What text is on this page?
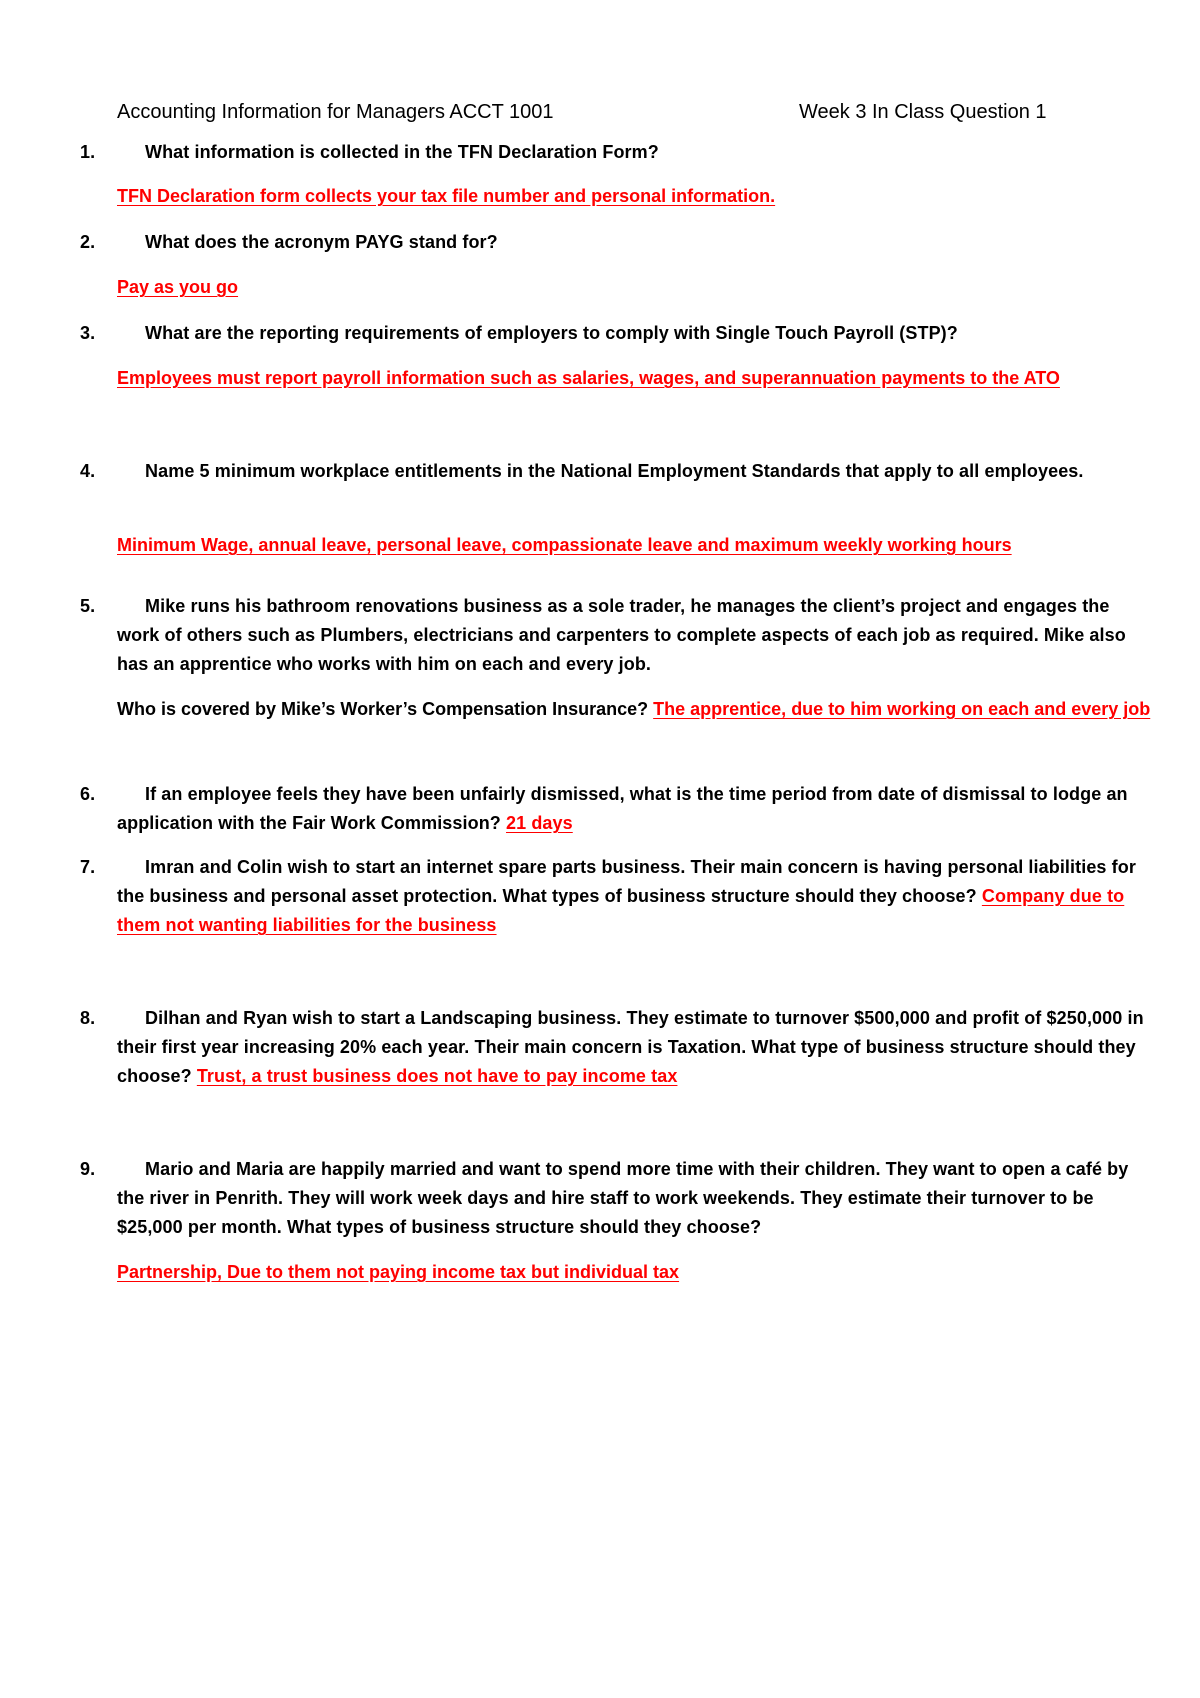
Accounting Information for Managers ACCT 1001	Week 3 In Class Question 1
1.	What information is collected in the TFN Declaration Form?
TFN Declaration form collects your tax file number and personal information.
2.	What does the acronym PAYG stand for?
Pay as you go
3.	What are the reporting requirements of employers to comply with Single Touch Payroll (STP)?
Employees must report payroll information such as salaries, wages, and superannuation payments to the ATO
4.	Name 5 minimum workplace entitlements in the National Employment Standards that apply to all employees.
Minimum Wage, annual leave, personal leave, compassionate leave and maximum weekly working hours
5.	Mike runs his bathroom renovations business as a sole trader, he manages the client’s project and engages the work of others such as Plumbers, electricians and carpenters to complete aspects of each job as required. Mike also has an apprentice who works with him on each and every job.
Who is covered by Mike’s Worker’s Compensation Insurance? The apprentice, due to him working on each and every job
6.	If an employee feels they have been unfairly dismissed, what is the time period from date of dismissal to lodge an application with the Fair Work Commission? 21 days
7.	Imran and Colin wish to start an internet spare parts business. Their main concern is having personal liabilities for the business and personal asset protection. What types of business structure should they choose? Company due to them not wanting liabilities for the business
8.	Dilhan and Ryan wish to start a Landscaping business. They estimate to turnover $500,000 and profit of $250,000 in their first year increasing 20% each year. Their main concern is Taxation. What type of business structure should they choose? Trust, a trust business does not have to pay income tax
9.	Mario and Maria are happily married and want to spend more time with their children. They want to open a café by the river in Penrith. They will work week days and hire staff to work weekends. They estimate their turnover to be $25,000 per month. What types of business structure should they choose?
Partnership, Due to them not paying income tax but individual tax
